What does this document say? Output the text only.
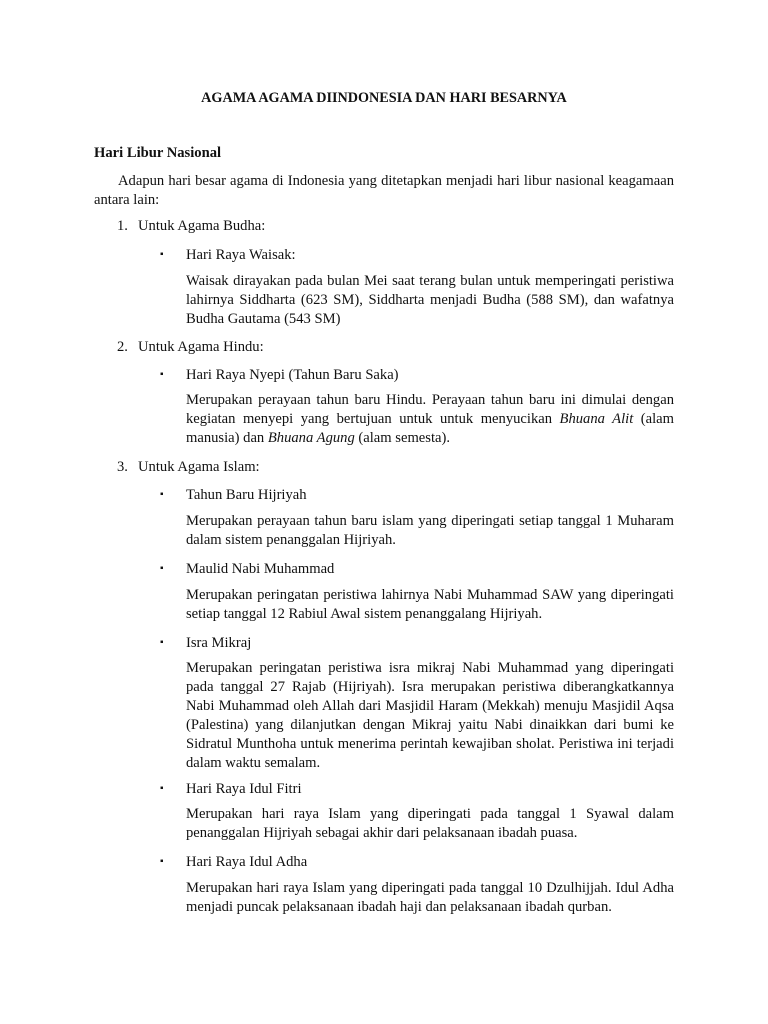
AGAMA AGAMA DIINDONESIA DAN HARI BESARNYA
Hari Libur Nasional

Adapun hari besar agama di Indonesia yang ditetapkan menjadi hari libur nasional keagamaan antara lain:

1. Untuk Agama Budha:
▪ Hari Raya Waisak:

Waisak dirayakan pada bulan Mei saat terang bulan untuk memperingati peristiwa lahirnya Siddharta (623 SM), Siddharta menjadi Budha (588 SM), dan wafatnya Budha Gautama (543 SM)

2. Untuk Agama Hindu:
▪ Hari Raya Nyepi (Tahun Baru Saka)

Merupakan perayaan tahun baru Hindu. Perayaan tahun baru ini dimulai dengan kegiatan menyepi yang bertujuan untuk untuk menyucikan Bhuana Alit (alam manusia) dan Bhuana Agung (alam semesta).

3. Untuk Agama Islam:
▪ Tahun Baru Hijriyah

Merupakan perayaan tahun baru islam yang diperingati setiap tanggal 1 Muharam dalam sistem penanggalan Hijriyah.

▪ Maulid Nabi Muhammad

Merupakan peringatan peristiwa lahirnya Nabi Muhammad SAW yang diperingati setiap tanggal 12 Rabiul Awal sistem penanggalang Hijriyah.

▪ Isra Mikraj

Merupakan peringatan peristiwa isra mikraj Nabi Muhammad yang diperingati pada tanggal 27 Rajab (Hijriyah). Isra merupakan peristiwa diberangkatkannya Nabi Muhammad oleh Allah dari Masjidil Haram (Mekkah) menuju Masjidil Aqsa (Palestina) yang dilanjutkan dengan Mikraj yaitu Nabi dinaikkan dari bumi ke Sidratul Munthoha untuk menerima perintah kewajiban sholat. Peristiwa ini terjadi dalam waktu semalam.

▪ Hari Raya Idul Fitri

Merupakan hari raya Islam yang diperingati pada tanggal 1 Syawal dalam penanggalan Hijriyah sebagai akhir dari pelaksanaan ibadah puasa.

▪ Hari Raya Idul Adha

Merupakan hari raya Islam yang diperingati pada tanggal 10 Dzulhijjah. Idul Adha menjadi puncak pelaksanaan ibadah haji dan pelaksanaan ibadah qurban.
